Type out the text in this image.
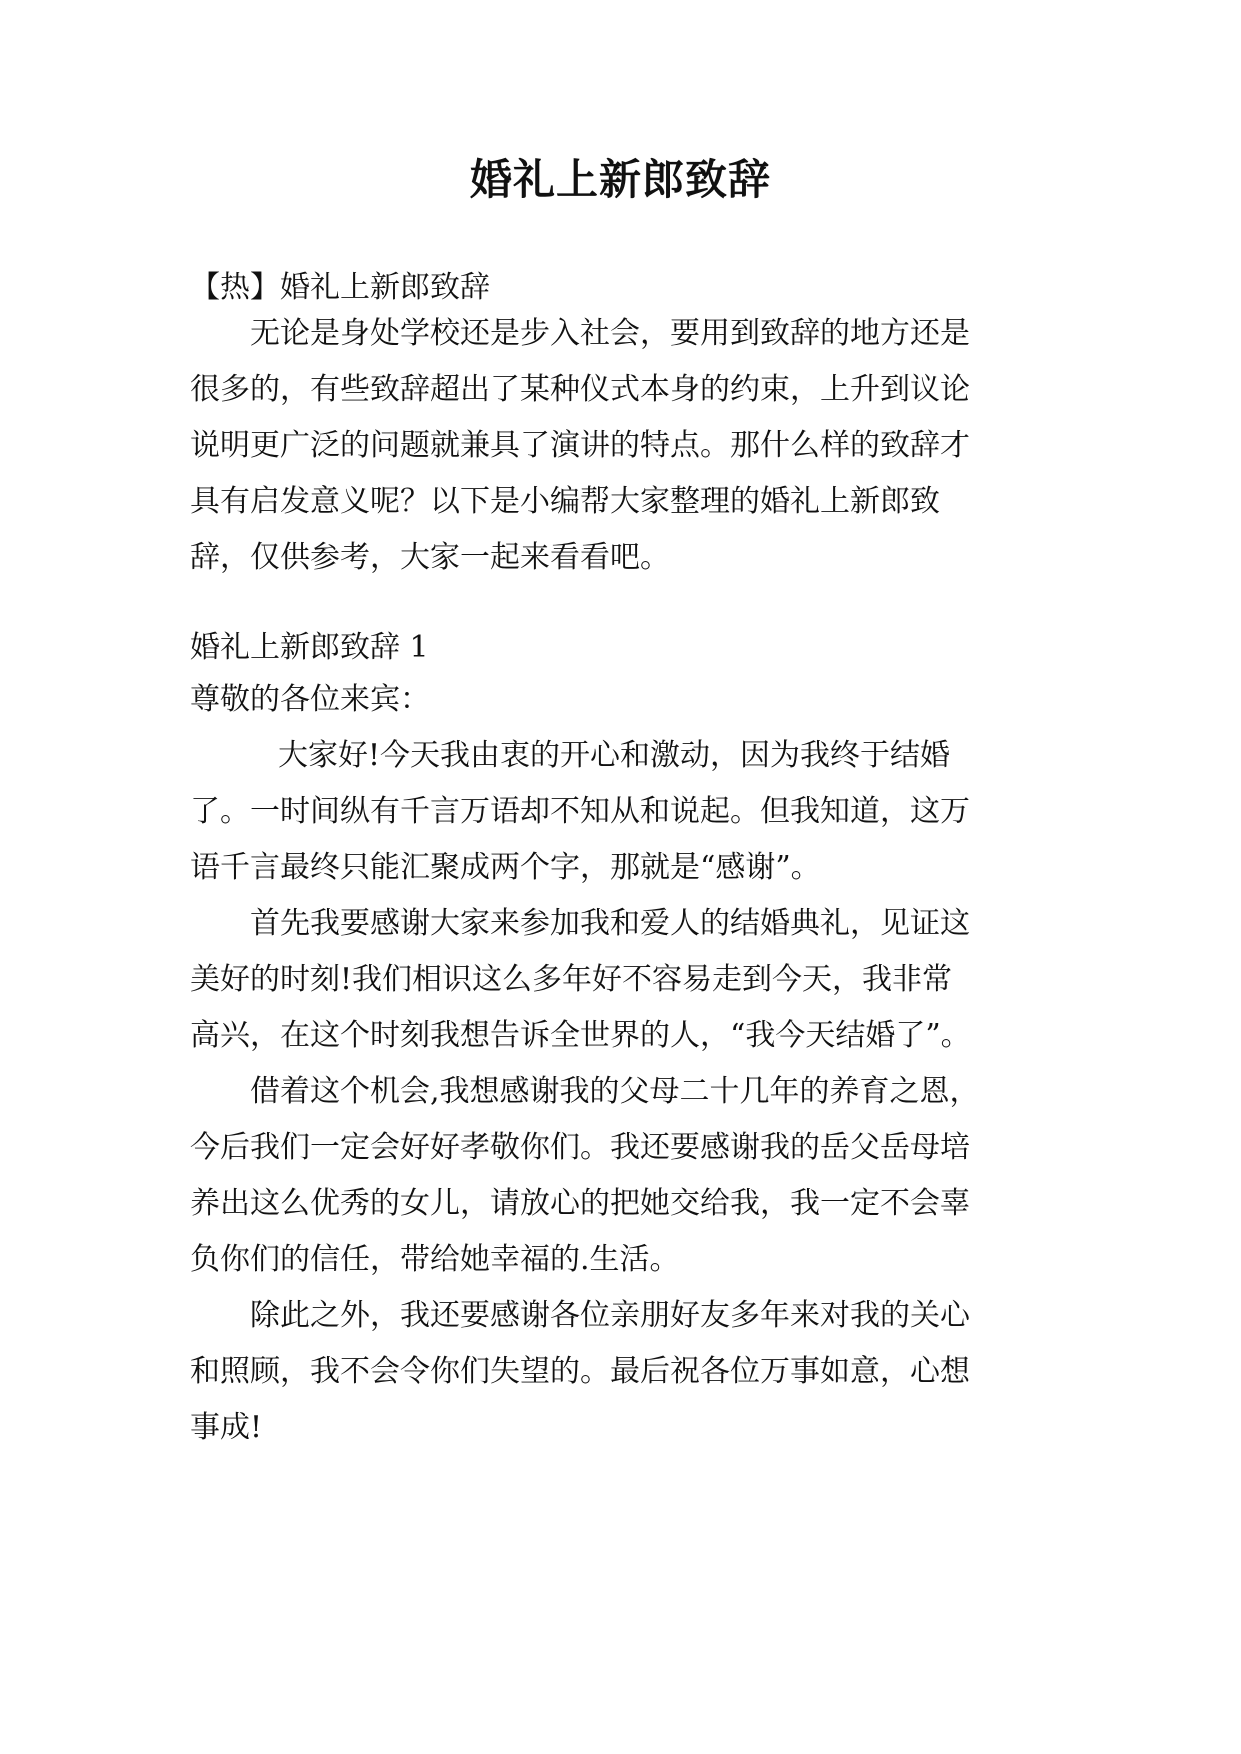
婚礼上新郎致辞
【热】婚礼上新郎致辞
无论是身处学校还是步入社会，要用到致辞的地方还是
很多的，有些致辞超出了某种仪式本身的约束，上升到议论
说明更广泛的问题就兼具了演讲的特点。那什么样的致辞才
具有启发意义呢？以下是小编帮大家整理的婚礼上新郎致
辞，仅供参考，大家一起来看看吧。
婚礼上新郎致辞 1
尊敬的各位来宾：
大家好!今天我由衷的开心和激动，因为我终于结婚
了。一时间纵有千言万语却不知从和说起。但我知道，这万
语千言最终只能汇聚成两个字，那就是“感谢”。
首先我要感谢大家来参加我和爱人的结婚典礼，见证这
美好的时刻!我们相识这么多年好不容易走到今天，我非常
高兴，在这个时刻我想告诉全世界的人，“我今天结婚了”。
借着这个机会,我想感谢我的父母二十几年的养育之恩，
今后我们一定会好好孝敬你们。我还要感谢我的岳父岳母培
养出这么优秀的女儿，请放心的把她交给我，我一定不会辜
负你们的信任，带给她幸福的.生活。
除此之外，我还要感谢各位亲朋好友多年来对我的关心
和照顾，我不会令你们失望的。最后祝各位万事如意，心想
事成!
